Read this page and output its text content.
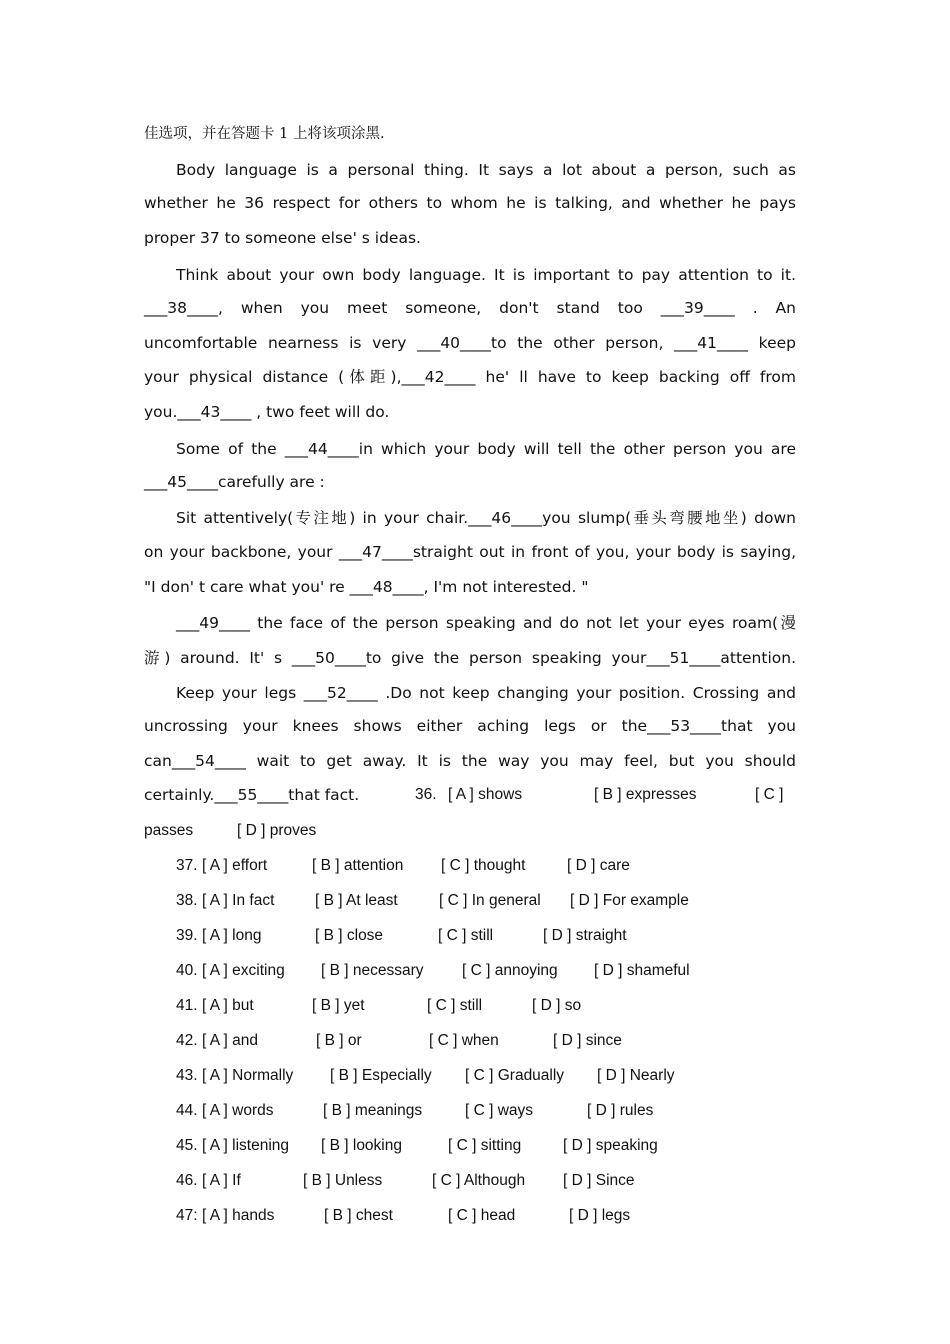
佳选项，并在答题卡 1 上将该项涂黑.
Body language is a personal thing. It says a lot about a person, such as
whether he 36 respect for others to whom he is talking, and whether he pays
proper 37 to someone else' s ideas.
Think about your own body language. It is important to pay attention to it.
___38____, when you meet someone, don't stand too ___39____ . An
uncomfortable nearness is very ___40____to the other person, ___41____ keep
your physical distance (体距),___42____ he' ll have to keep backing off from
you.___43____ , two feet will do.
Some of the ___44____in which your body will tell the other person you are
___45____carefully are :
Sit attentively(专注地) in your chair.___46____you slump(垂头弯腰地坐) down
on your backbone, your ___47____straight out in front of you, your body is saying,
"I don' t care what you' re ___48____, I'm not interested. "
___49____ the face of the person speaking and do not let your eyes roam(漫
游) around. It' s ___50____to give the person speaking your___51____attention.
Keep your legs ___52____ .Do not keep changing your position. Crossing and
uncrossing your knees shows either aching legs or the___53____that you
can___54____ wait to get away. It is the way you may feel, but you should
certainly.___55____that fact.	36. [ A ] shows	[ B ] expresses	[ C ]
passes	[ D ] proves
37. [ A ] effort	[ B ] attention [ C ] thought	[ D ] care
38. [ A ] In fact	[ B ] At least	[ C ] In general [ D ] For example
39. [ A ] long	[ B ] close	[ C ] still	[ D ] straight
40. [ A ] exciting [ B ] necessary [ C ] annoying [ D ] shameful
41. [ A ] but	[ B ] yet	[ C ] still	[ D ] so
42. [ A ] and	[ B ] or	[ C ] when	[ D ] since
43. [ A ] Normally [ B ] Especially [ C ] Gradually [ D ] Nearly
44. [ A ] words	[ B ] meanings	[ C ] ways	[ D ] rules
45. [ A ] listening [ B ] looking	[ C ] sitting	[ D ] speaking
46. [ A ] If	[ B ] Unless	[ C ] Although [ D ] Since
47: [ A ] hands	[ B ] chest	[ C ] head	[ D ] legs
